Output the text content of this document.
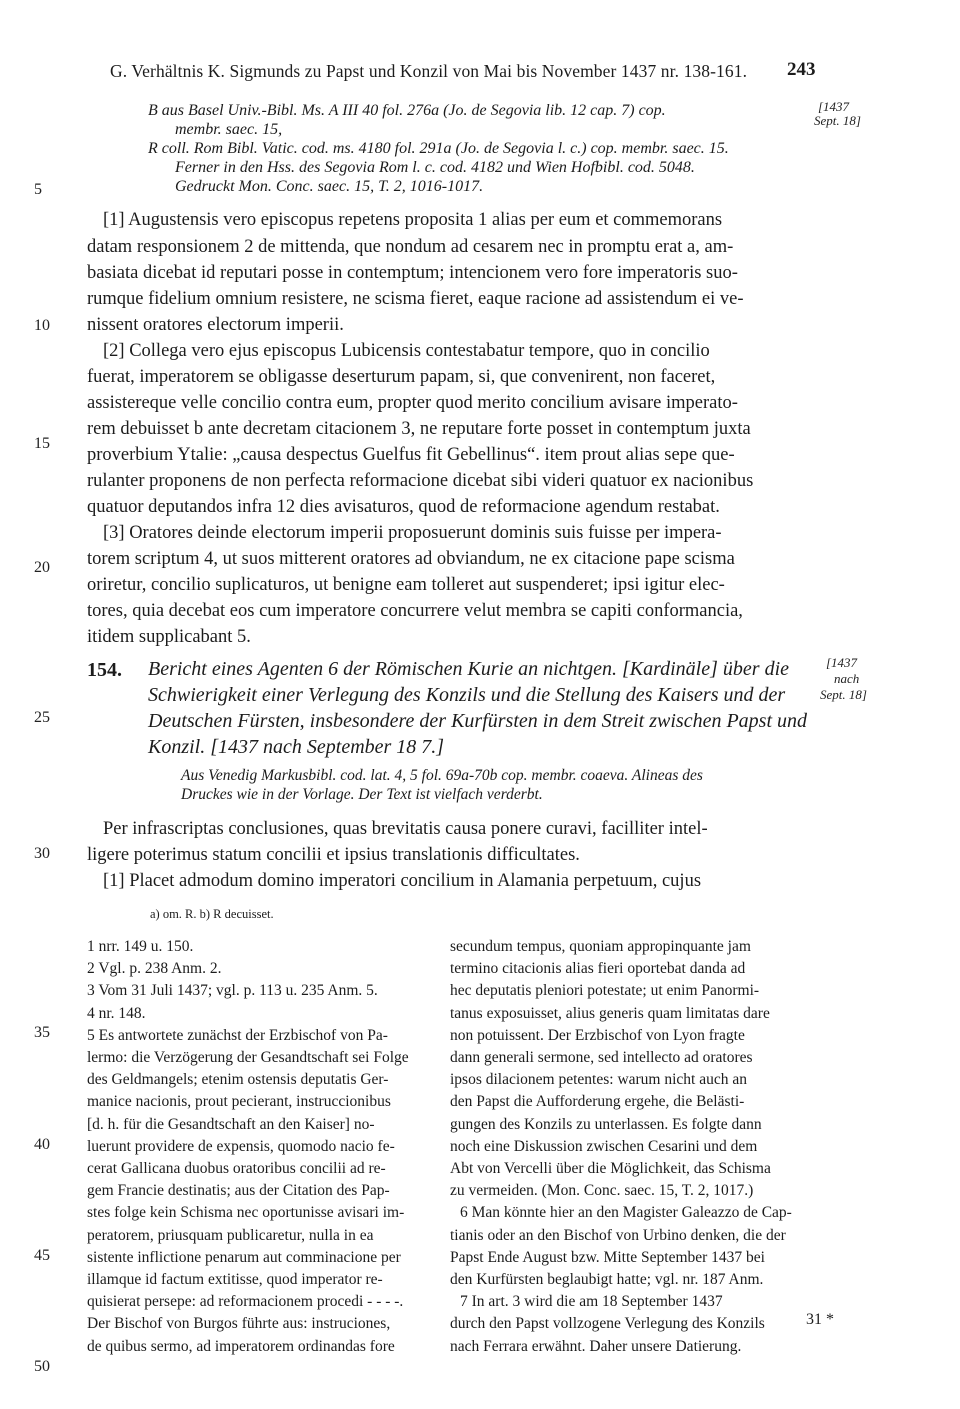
G. Verhältnis K. Sigmunds zu Papst und Konzil von Mai bis November 1437 nr. 138-161. 243
[1437
Sept. 18]
[1437
nach
Sept. 18]
5
10
15
20
25
30
35
40
45
50
B aus Basel Univ.-Bibl. Ms. A III 40 fol. 276a (Jo. de Segovia lib. 12 cap. 7) cop.
membr. saec. 15,
R coll. Rom Bibl. Vatic. cod. ms. 4180 fol. 291a (Jo. de Segovia l. c.) cop. membr. saec. 15.
Ferner in den Hss. des Segovia Rom l. c. cod. 4182 und Wien Hofbibl. cod. 5048.
Gedruckt Mon. Conc. saec. 15, T. 2, 1016-1017.
[1] Augustensis vero episcopus repetens proposita 1 alias per eum et commemorans
datam responsionem 2 de mittenda, que nondum ad cesarem nec in promptu erat a, am-
basiata dicebat id reputari posse in contemptum; intencionem vero fore imperatoris suo-
rumque fidelium omnium resistere, ne scisma fieret, eaque racione ad assistendum ei ve-
nissent oratores electorum imperii.
[2] Collega vero ejus episcopus Lubicensis contestabatur tempore, quo in concilio
fuerat, imperatorem se obligasse deserturum papam, si, que convenirent, non faceret,
assistereque velle concilio contra eum, propter quod merito concilium avisare imperato-
rem debuisset b ante decretam citacionem 3, ne reputare forte posset in contemptum juxta
proverbium Ytalie: „causa despectus Guelfus fit Gebellinus“. item prout alias sepe que-
rulanter proponens de non perfecta reformacione dicebat sibi videri quatuor ex nacionibus
quatuor deputandos infra 12 dies avisaturos, quod de reformacione agendum restabat.
[3] Oratores deinde electorum imperii proposuerunt dominis suis fuisse per impera-
torem scriptum 4, ut suos mitterent oratores ad obviandum, ne ex citacione pape scisma
oriretur, concilio suplicaturos, ut benigne eam tolleret aut suspenderet; ipsi igitur elec-
tores, quia decebat eos cum imperatore concurrere velut membra se capiti conformancia,
itidem supplicabant 5.
154. Bericht eines Agenten 6 der Römischen Kurie an nichtgen. [Kardinäle] über die
Schwierigkeit einer Verlegung des Konzils und die Stellung des Kaisers und der
Deutschen Fürsten, insbesondere der Kurfürsten in dem Streit zwischen Papst und
Konzil. [1437 nach September 18 7.]
Aus Venedig Markusbibl. cod. lat. 4, 5 fol. 69a-70b cop. membr. coaeva. Alineas des
Druckes wie in der Vorlage. Der Text ist vielfach verderbt.
Per infrascriptas conclusiones, quas brevitatis causa ponere curavi, facilliter intel-
ligere poterimus statum concilii et ipsius translationis difficultates.
[1] Placet admodum domino imperatori concilium in Alamania perpetuum, cujus
a) om. R. b) R decuisset.
1 nrr. 149 u. 150.
2 Vgl. p. 238 Anm. 2.
3 Vom 31 Juli 1437; vgl. p. 113 u. 235 Anm. 5.
4 nr. 148.
5 Es antwortete zunächst der Erzbischof von Pa-
lermo: die Verzögerung der Gesandtschaft sei Folge
des Geldmangels; etenim ostensis deputatis Ger-
manice nacionis, prout pecierant, instruccionibus
[d. h. für die Gesandtschaft an den Kaiser] no-
luerunt providere de expensis, quomodo nacio fe-
cerat Gallicana duobus oratoribus concilii ad re-
gem Francie destinatis; aus der Citation des Pap-
stes folge kein Schisma nec oportunisse avisari im-
peratorem, priusquam publicaretur, nulla in ea
sistente inflictione penarum aut comminacione per
illamque id factum extitisse, quod imperator re-
quisierat persepe: ad reformacionem procedi - - - -.
Der Bischof von Burgos führte aus: instruciones,
de quibus sermo, ad imperatorem ordinandas fore
secundum tempus, quoniam appropinquante jam
termino citacionis alias fieri oportebat danda ad
hec deputatis pleniori potestate; ut enim Panormi-
tanus exposuisset, alius generis quam limitatas dare
non potuissent. Der Erzbischof von Lyon fragte
dann generali sermone, sed intellecto ad oratores
ipsos dilacionem petentes: warum nicht auch an
den Papst die Aufforderung ergehe, die Belästi-
gungen des Konzils zu unterlassen. Es folgte dann
noch eine Diskussion zwischen Cesarini und dem
Abt von Vercelli über die Möglichkeit, das Schisma
zu vermeiden. (Mon. Conc. saec. 15, T. 2, 1017.)
6 Man könnte hier an den Magister Galeazzo de Cap-
tianis oder an den Bischof von Urbino denken, die der
Papst Ende August bzw. Mitte September 1437 bei
den Kurfürsten beglaubigt hatte; vgl. nr. 187 Anm.
7 In art. 3 wird die am 18 September 1437
durch den Papst vollzogene Verlegung des Konzils
nach Ferrara erwähnt. Daher unsere Datierung.
31 *
